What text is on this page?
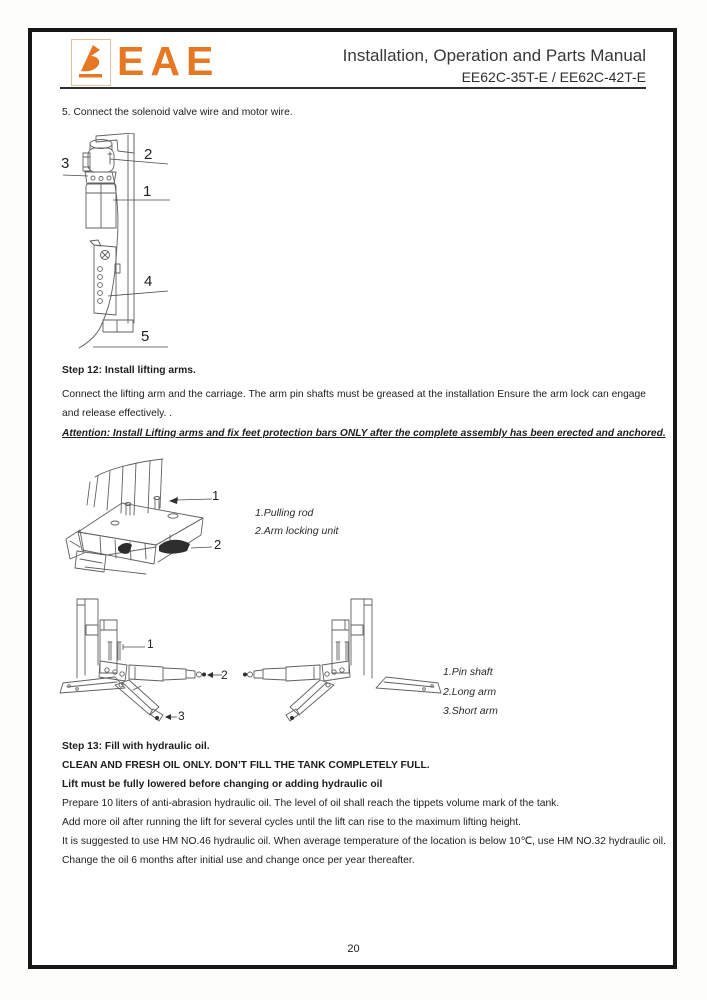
EAE	Installation, Operation and Parts Manual
EE62C-35T-E / EE62C-42T-E
5. Connect the solenoid valve wire and motor wire.
3
2
1
4
5
Step 12: Install lifting arms.
Connect the lifting arm and the carriage. The arm pin shafts must be greased at the installation Ensure the arm lock can engage and release effectively. .
Attention: Install Lifting arms and fix feet protection bars ONLY after the complete assembly has been erected and anchored.
1
2
1.Pulling rod
2.Arm locking unit
1
2
3
1.Pin shaft
2.Long arm
3.Short arm
Step 13: Fill with hydraulic oil.
CLEAN AND FRESH OIL ONLY. DON’T FILL THE TANK COMPLETELY FULL.
Lift must be fully lowered before changing or adding hydraulic oil
Prepare 10 liters of anti-abrasion hydraulic oil. The level of oil shall reach the tippets volume mark of the tank.
Add more oil after running the lift for several cycles until the lift can rise to the maximum lifting height.
It is suggested to use HM NO.46 hydraulic oil. When average temperature of the location is below 10℃, use HM NO.32 hydraulic oil.
Change the oil 6 months after initial use and change once per year thereafter.
20
